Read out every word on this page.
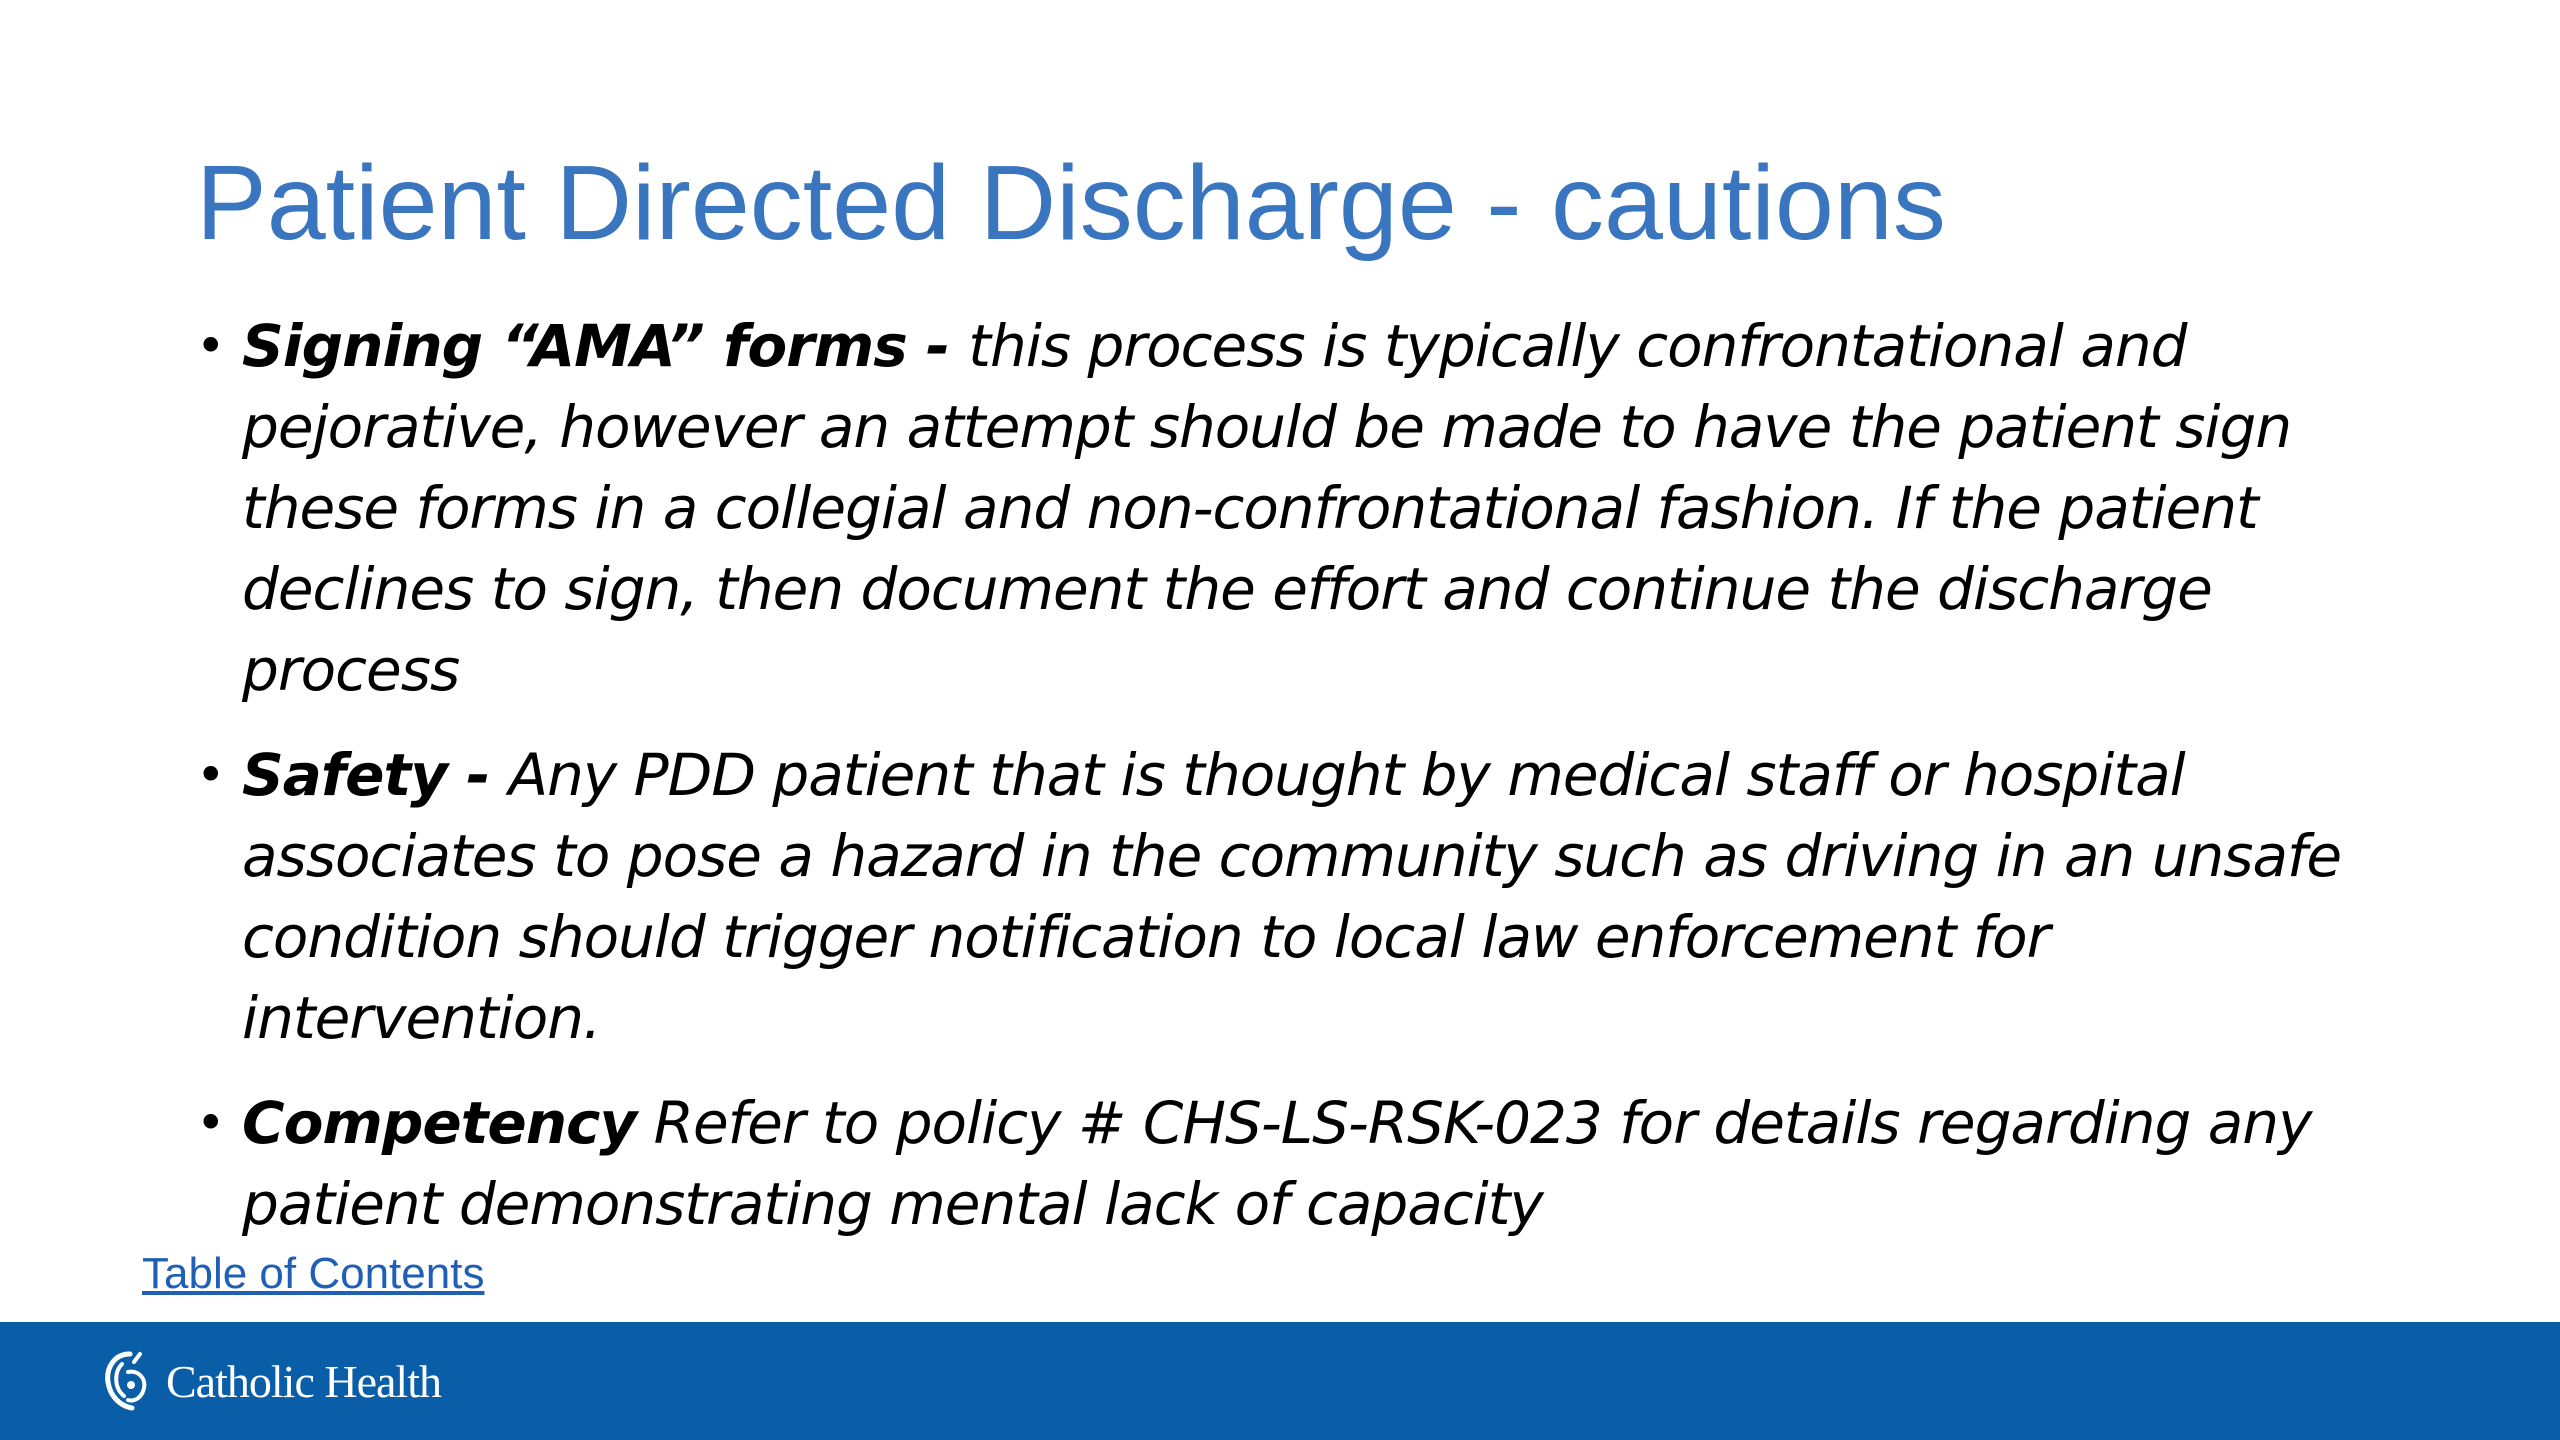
Patient Directed Discharge - cautions
• Signing “AMA” forms - this process is typically confrontational and pejorative, however an attempt should be made to have the patient sign these forms in a collegial and non-confrontational fashion. If the patient declines to sign, then document the effort and continue the discharge process
• Safety - Any PDD patient that is thought by medical staff or hospital associates to pose a hazard in the community such as driving in an unsafe condition should trigger notification to local law enforcement for intervention.
• Competency Refer to policy # CHS-LS-RSK-023 for details regarding any patient demonstrating mental lack of capacity
Table of Contents
Catholic Health
